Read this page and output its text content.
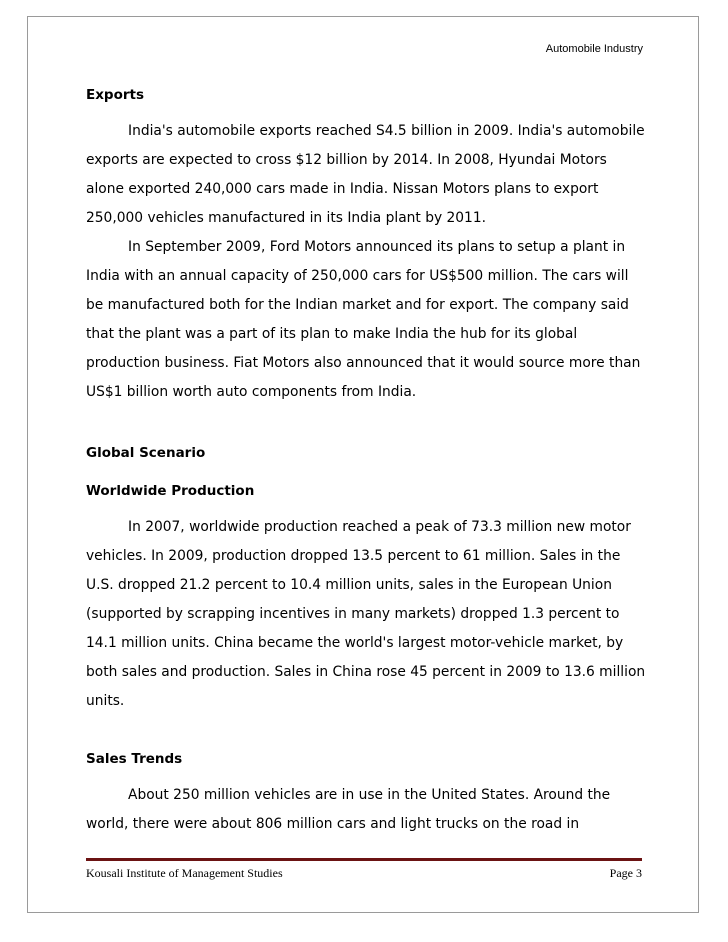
Automobile Industry
Exports

India's automobile exports reached S4.5 billion in 2009. India's automobile exports are expected to cross $12 billion by 2014. In 2008, Hyundai Motors alone exported 240,000 cars made in India. Nissan Motors plans to export 250,000 vehicles manufactured in its India plant by 2011.

In September 2009, Ford Motors announced its plans to setup a plant in India with an annual capacity of 250,000 cars for US$500 million. The cars will be manufactured both for the Indian market and for export. The company said that the plant was a part of its plan to make India the hub for its global production business. Fiat Motors also announced that it would source more than US$1 billion worth auto components from India.

Global Scenario
Worldwide Production

In 2007, worldwide production reached a peak of 73.3 million new motor vehicles. In 2009, production dropped 13.5 percent to 61 million. Sales in the U.S. dropped 21.2 percent to 10.4 million units, sales in the European Union (supported by scrapping incentives in many markets) dropped 1.3 percent to 14.1 million units. China became the world's largest motor-vehicle market, by both sales and production. Sales in China rose 45 percent in 2009 to 13.6 million units.

Sales Trends

About 250 million vehicles are in use in the United States. Around the world, there were about 806 million cars and light trucks on the road in

Kousali Institute of Management Studies	Page 3
